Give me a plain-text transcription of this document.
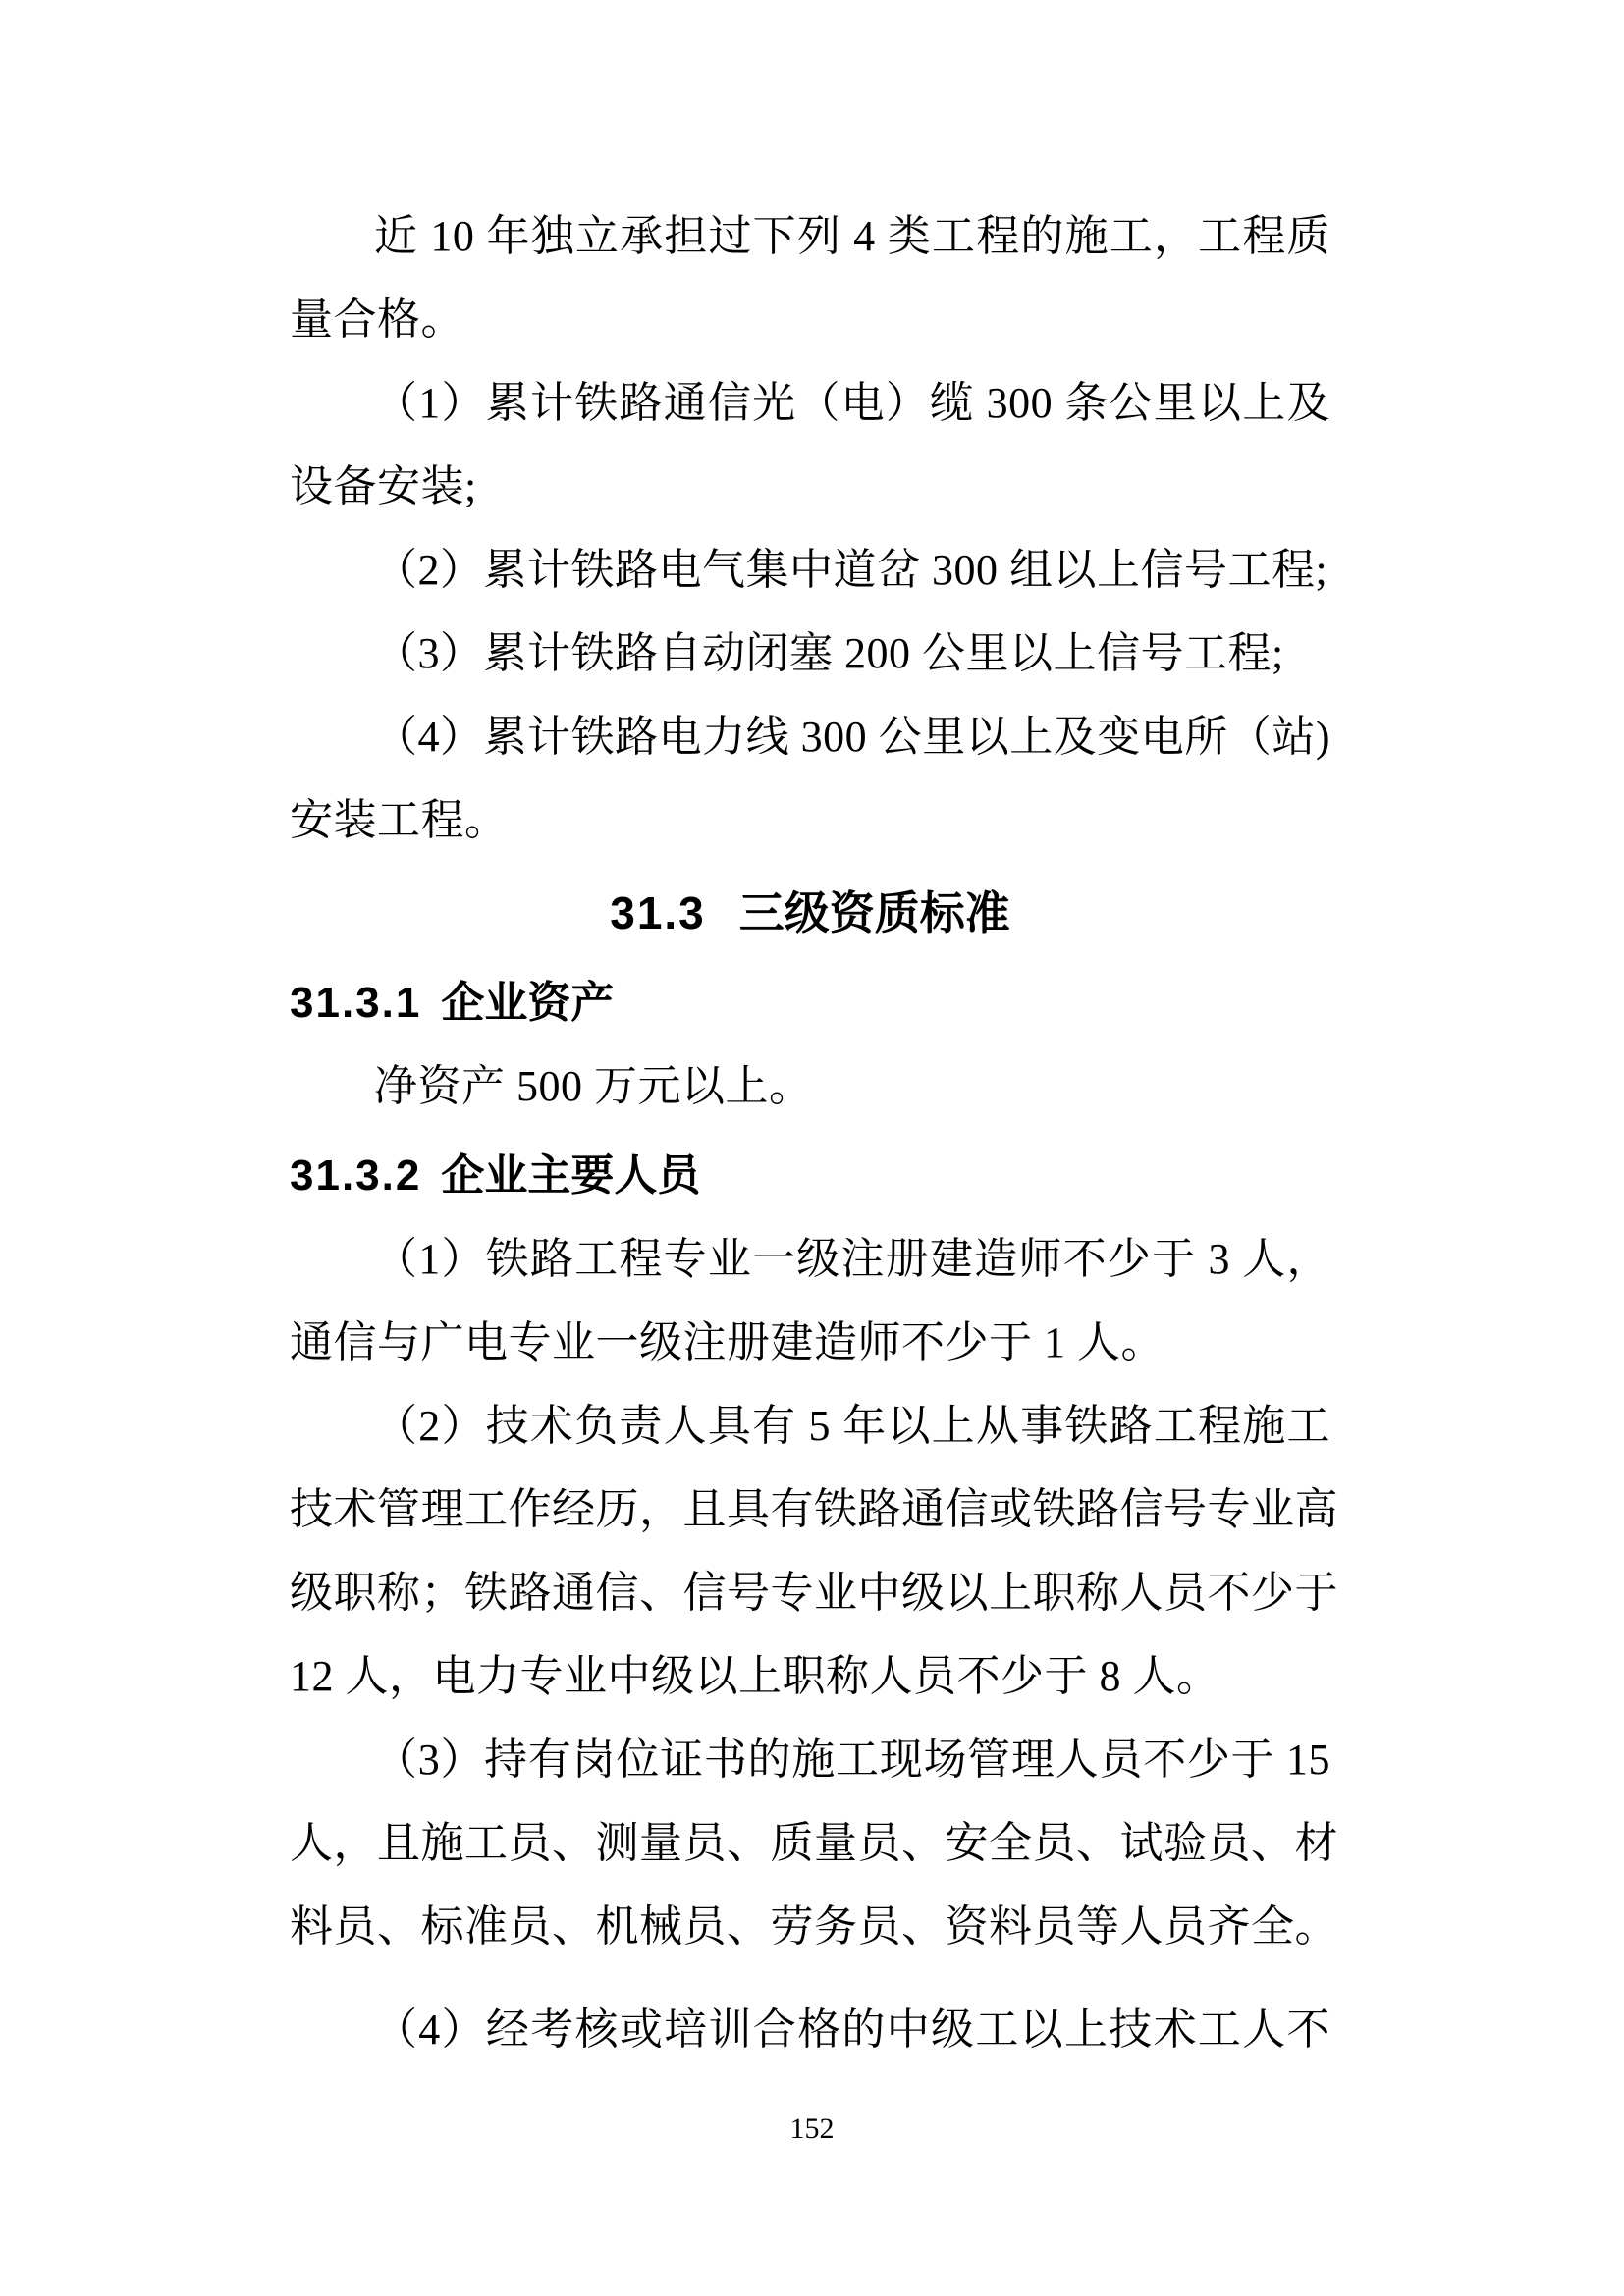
近 10 年独立承担过下列 4 类工程的施工，工程质
量合格。
（1）累计铁路通信光（电）缆 300 条公里以上及
设备安装;
（2）累计铁路电气集中道岔 300 组以上信号工程;
（3）累计铁路自动闭塞 200 公里以上信号工程;
（4）累计铁路电力线 300 公里以上及变电所（站)
安装工程。
31.3 三级资质标准
31.3.1 企业资产
净资产 500 万元以上。
31.3.2 企业主要人员
（1）铁路工程专业一级注册建造师不少于 3 人，
通信与广电专业一级注册建造师不少于 1 人。
（2）技术负责人具有 5 年以上从事铁路工程施工
技术管理工作经历，且具有铁路通信或铁路信号专业高
级职称；铁路通信、信号专业中级以上职称人员不少于
12 人，电力专业中级以上职称人员不少于 8 人。
（3）持有岗位证书的施工现场管理人员不少于 15
人，且施工员、测量员、质量员、安全员、试验员、材
料员、标准员、机械员、劳务员、资料员等人员齐全。
（4）经考核或培训合格的中级工以上技术工人不
152
